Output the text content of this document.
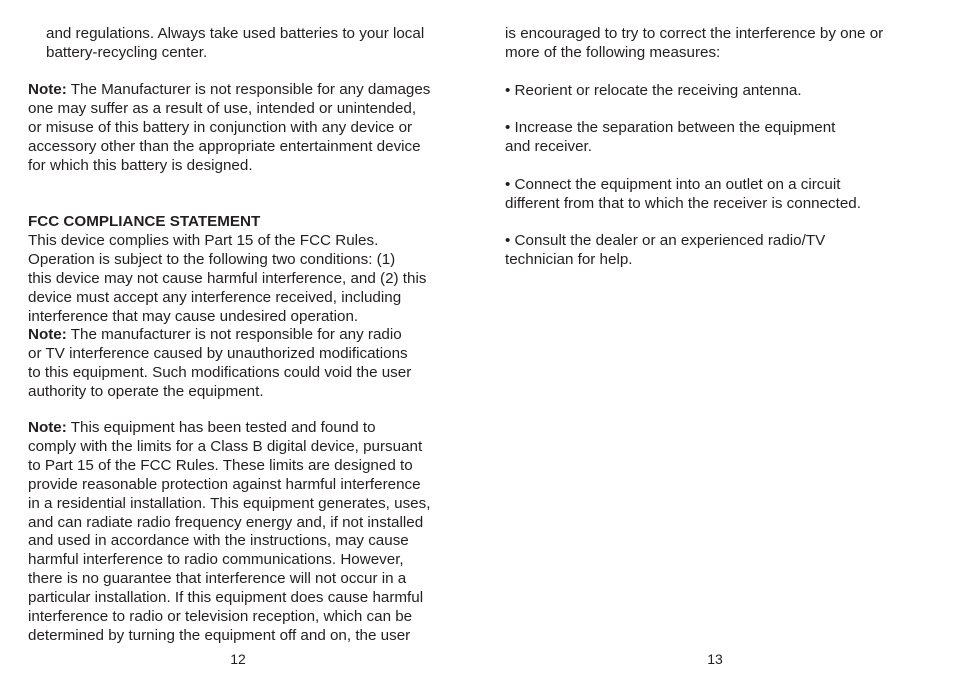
and regulations. Always take used batteries to your local
battery-recycling center.

Note: The Manufacturer is not responsible for any damages
one may suffer as a result of use, intended or unintended,
or misuse of this battery in conjunction with any device or
accessory other than the appropriate entertainment device
for which this battery is designed.

FCC COMPLIANCE STATEMENT

This device complies with Part 15 of the FCC Rules.
Operation is subject to the following two conditions: (1)
this device may not cause harmful interference, and (2) this
device must accept any interference received, including
interference that may cause undesired operation.

Note: The manufacturer is not responsible for any radio
or TV interference caused by unauthorized modifications
to this equipment. Such modifications could void the user
authority to operate the equipment.

Note: This equipment has been tested and found to
comply with the limits for a Class B digital device, pursuant
to Part 15 of the FCC Rules. These limits are designed to
provide reasonable protection against harmful interference
in a residential installation. This equipment generates, uses,
and can radiate radio frequency energy and, if not installed
and used in accordance with the instructions, may cause
harmful interference to radio communications. However,
there is no guarantee that interference will not occur in a
particular installation. If this equipment does cause harmful
interference to radio or television reception, which can be
determined by turning the equipment off and on, the user

12

is encouraged to try to correct the interference by one or
more of the following measures:

• Reorient or relocate the receiving antenna.

• Increase the separation between the equipment
and receiver.

• Connect the equipment into an outlet on a circuit
different from that to which the receiver is connected.

• Consult the dealer or an experienced radio/TV
technician for help.

13
